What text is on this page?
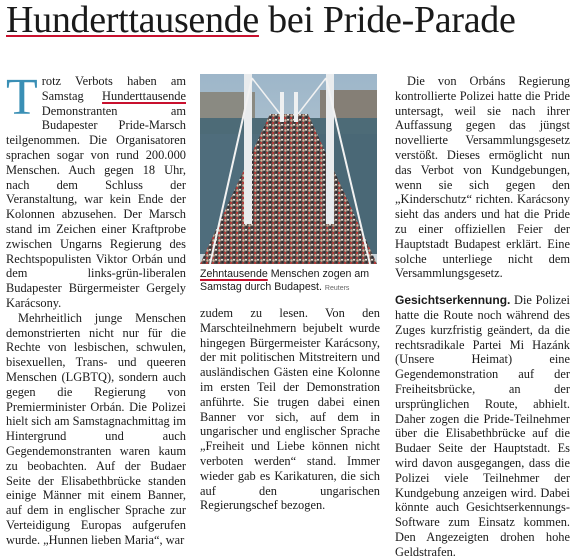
Hunderttausende bei Pride-Parade

Trotz Verbots haben am Samstag Hunderttausende Demonstranten am Budapester Pride-Marsch teilgenommen. Die Organisatoren sprachen sogar von rund 200.000 Menschen. Auch gegen 18 Uhr, nach dem Schluss der Veranstaltung, war kein Ende der Kolonnen abzusehen. Der Marsch stand im Zeichen einer Kraftprobe zwischen Ungarns Regierung des Rechtspopulisten Viktor Orbán und dem links-grün-liberalen Budapester Bürgermeister Gergely Karácsony.

Mehrheitlich junge Menschen demonstrierten nicht nur für die Rechte von lesbischen, schwulen, bisexuellen, Trans- und queeren Menschen (LGBTQ), sondern auch gegen die Regierung von Premierminister Orbán. Die Polizei hielt sich am Samstagnachmittag im Hintergrund und auch Gegendemonstranten waren kaum zu beobachten. Auf der Budaer Seite der Elisabethbrücke standen einige Männer mit einem Banner, auf dem in englischer Sprache zur Verteidigung Europas aufgerufen wurde. „Hunnen lieben Maria“, war

Zehntausende Menschen zogen am Samstag durch Budapest. Reuters

zudem zu lesen. Von den Marschteilnehmern bejubelt wurde hingegen Bürgermeister Karácsony, der mit politischen Mitstreitern und ausländischen Gästen eine Kolonne im ersten Teil der Demonstration anführte. Sie trugen dabei einen Banner vor sich, auf dem in ungarischer und englischer Sprache „Freiheit und Liebe können nicht verboten werden“ stand. Immer wieder gab es Karikaturen, die sich auf den ungarischen Regierungschef bezogen.

Die von Orbáns Regierung kontrollierte Polizei hatte die Pride untersagt, weil sie nach ihrer Auffassung gegen das jüngst novellierte Versammlungsgesetz verstößt. Dieses ermöglicht nun das Verbot von Kundgebungen, wenn sie sich gegen den „Kinderschutz“ richten. Karácsony sieht das anders und hat die Pride zu einer offiziellen Feier der Hauptstadt Budapest erklärt. Eine solche unterliege nicht dem Versammlungsgesetz.

Gesichtserkennung. Die Polizei hatte die Route noch während des Zuges kurzfristig geändert, da die rechtsradikale Partei Mi Hazánk (Unsere Heimat) eine Gegendemonstration auf der Freiheitsbrücke, an der ursprünglichen Route, abhielt. Daher zogen die Pride-Teilnehmer über die Elisabethbrücke auf die Budaer Seite der Hauptstadt. Es wird davon ausgegangen, dass die Polizei viele Teilnehmer der Kundgebung anzeigen wird. Dabei könnte auch Gesichtserkennungs-Software zum Einsatz kommen. Den Angezeigten drohen hohe Geldstrafen.
